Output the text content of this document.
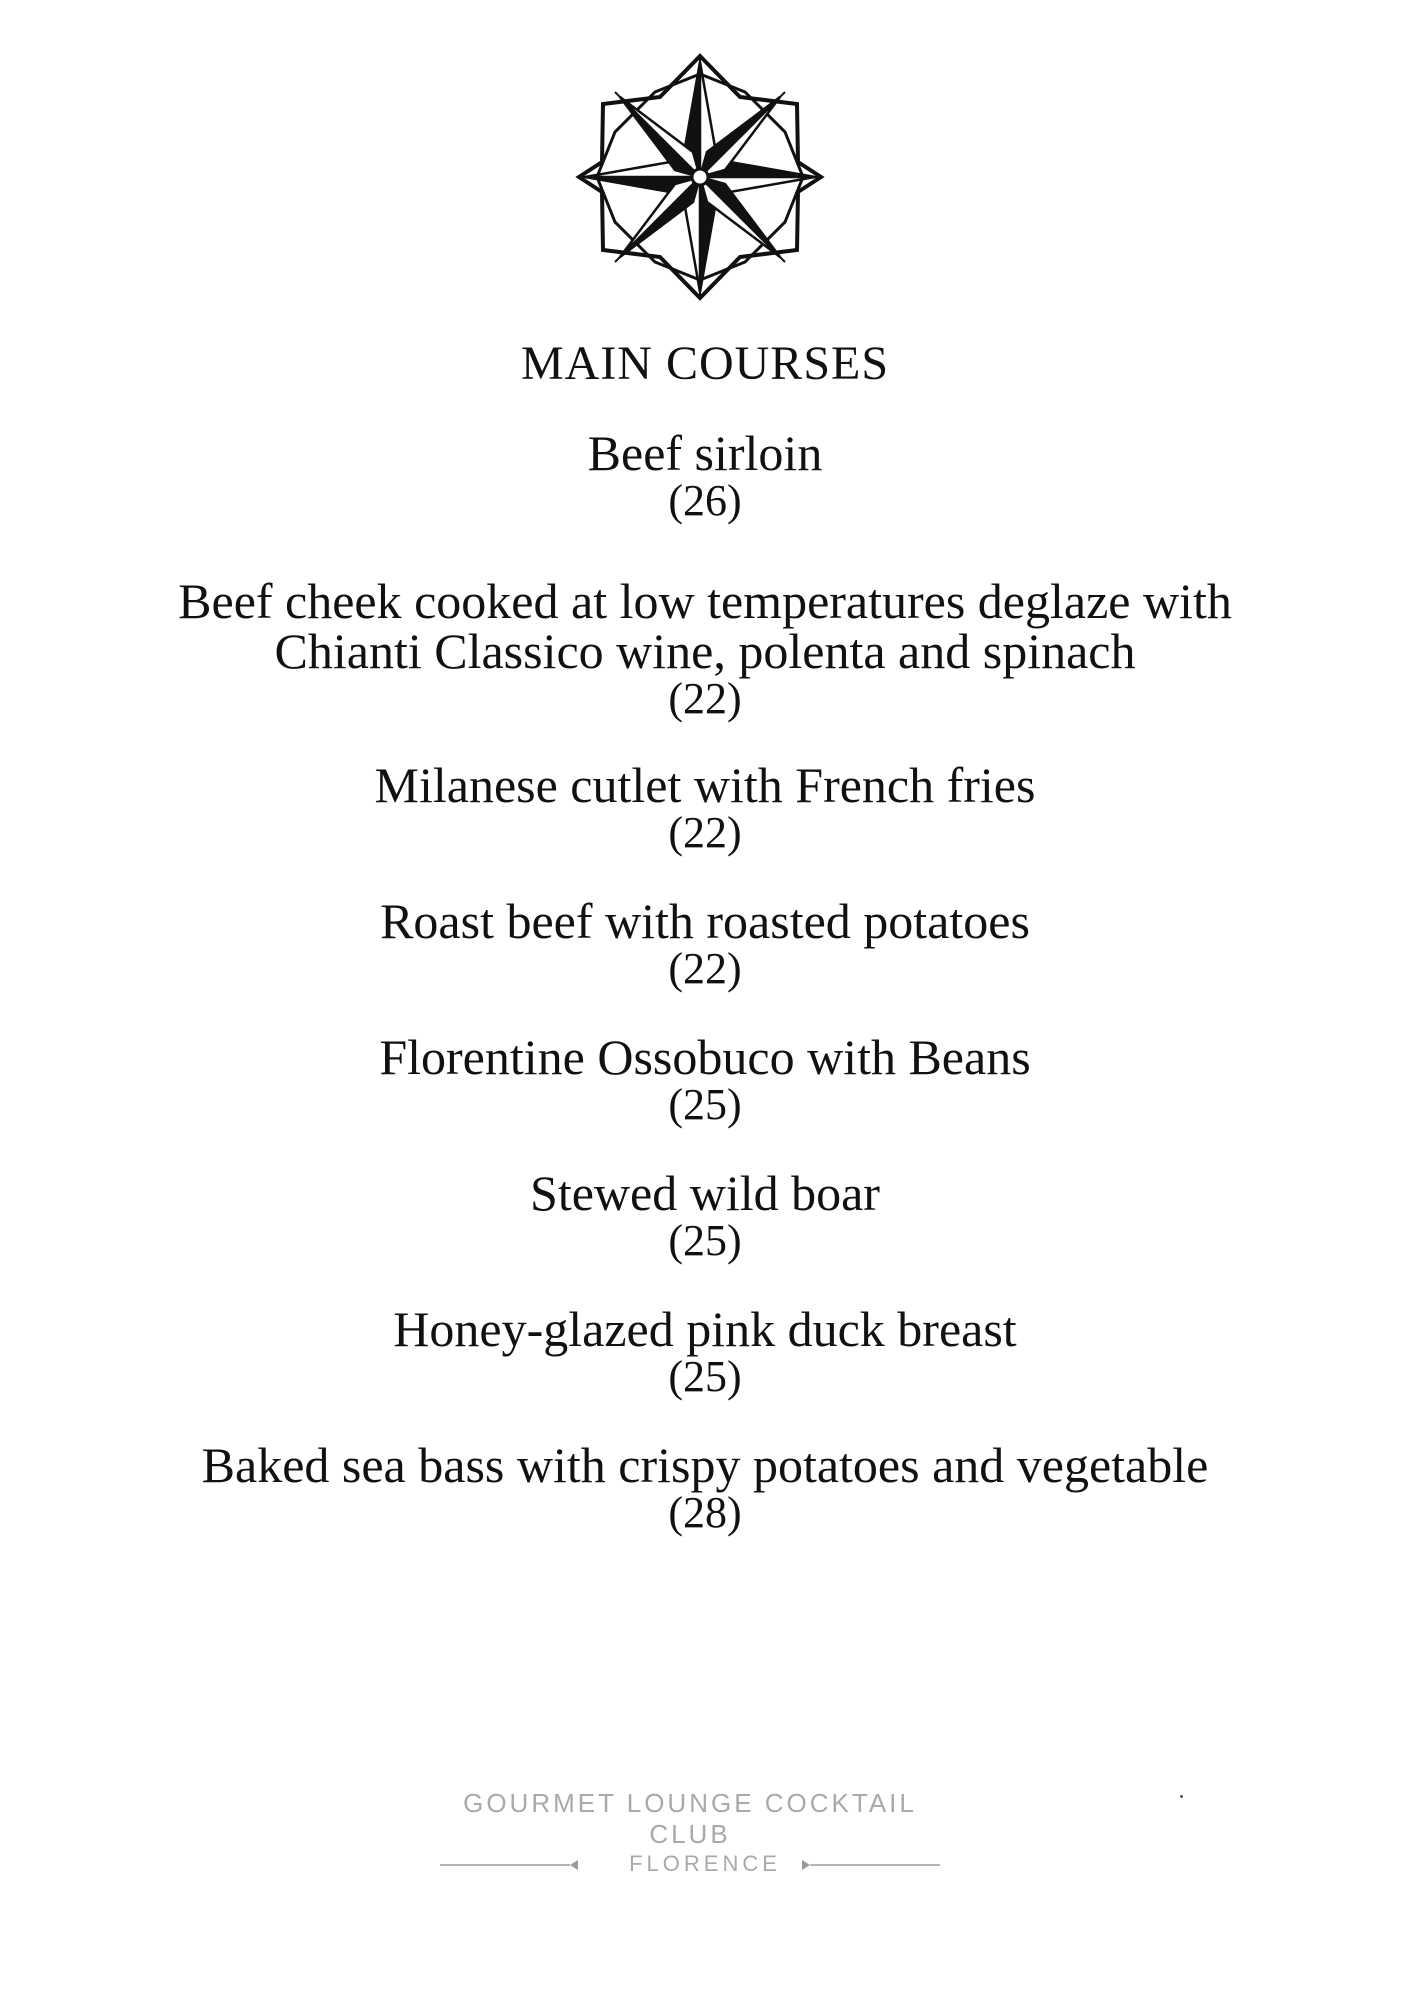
MAIN COURSES
Beef sirloin
(26)
Beef cheek cooked at low temperatures deglaze with
Chianti Classico wine, polenta and spinach
(22)
Milanese cutlet with French fries
(22)
Roast beef with roasted potatoes
(22)
Florentine Ossobuco with Beans
(25)
Stewed wild boar
(25)
Honey-glazed pink duck breast
(25)
Baked sea bass with crispy potatoes and vegetable
(28)
GOURMET LOUNGE COCKTAIL CLUB
FLORENCE
